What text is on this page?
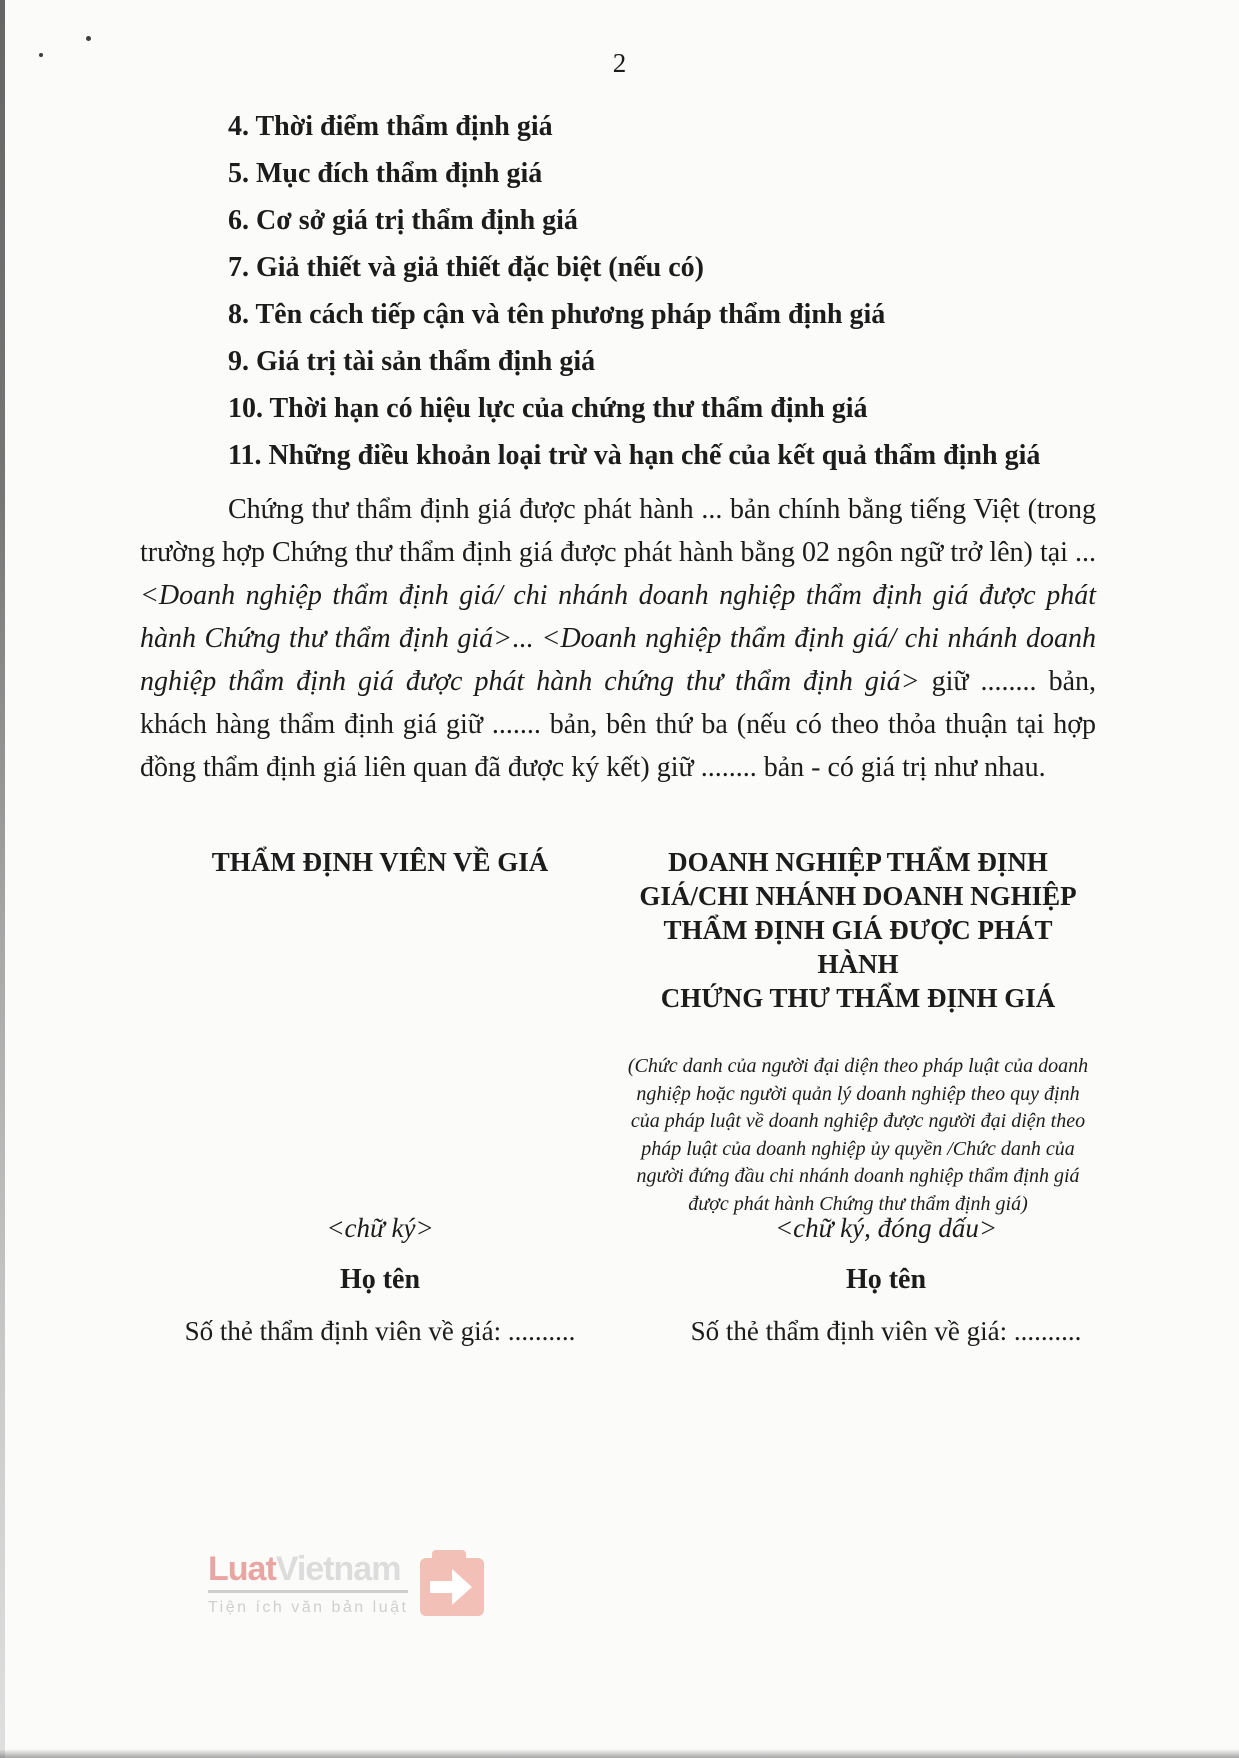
2

4. Thời điểm thẩm định giá

5. Mục đích thẩm định giá

6. Cơ sở giá trị thẩm định giá

7. Giả thiết và giả thiết đặc biệt (nếu có)

8. Tên cách tiếp cận và tên phương pháp thẩm định giá

9. Giá trị tài sản thẩm định giá

10. Thời hạn có hiệu lực của chứng thư thẩm định giá

11. Những điều khoản loại trừ và hạn chế của kết quả thẩm định giá

Chứng thư thẩm định giá được phát hành ... bản chính bằng tiếng Việt (trong trường hợp Chứng thư thẩm định giá được phát hành bằng 02 ngôn ngữ trở lên) tại ...<Doanh nghiệp thẩm định giá/ chi nhánh doanh nghiệp thẩm định giá được phát hành Chứng thư thẩm định giá>... <Doanh nghiệp thẩm định giá/ chi nhánh doanh nghiệp thẩm định giá được phát hành chứng thư thẩm định giá> giữ ........ bản, khách hàng thẩm định giá giữ ....... bản, bên thứ ba (nếu có theo thỏa thuận tại hợp đồng thẩm định giá liên quan đã được ký kết) giữ ........ bản - có giá trị như nhau.

THẨM ĐỊNH VIÊN VỀ GIÁ
<chữ ký>
Họ tên
Số thẻ thẩm định viên về giá: ..........
DOANH NGHIỆP THẨM ĐỊNH
GIÁ/CHI NHÁNH DOANH NGHIỆP
THẨM ĐỊNH GIÁ ĐƯỢC PHÁT HÀNH
CHỨNG THƯ THẨM ĐỊNH GIÁ
(Chức danh của người đại diện theo pháp luật của doanh nghiệp hoặc người quản lý doanh nghiệp theo quy định của pháp luật về doanh nghiệp được người đại diện theo pháp luật của doanh nghiệp ủy quyền /Chức danh của người đứng đầu chi nhánh doanh nghiệp thẩm định giá được phát hành Chứng thư thẩm định giá)
<chữ ký, đóng dấu>
Họ tên
Số thẻ thẩm định viên về giá: ..........
LuatVietnam
Tiện ích văn bản luật
